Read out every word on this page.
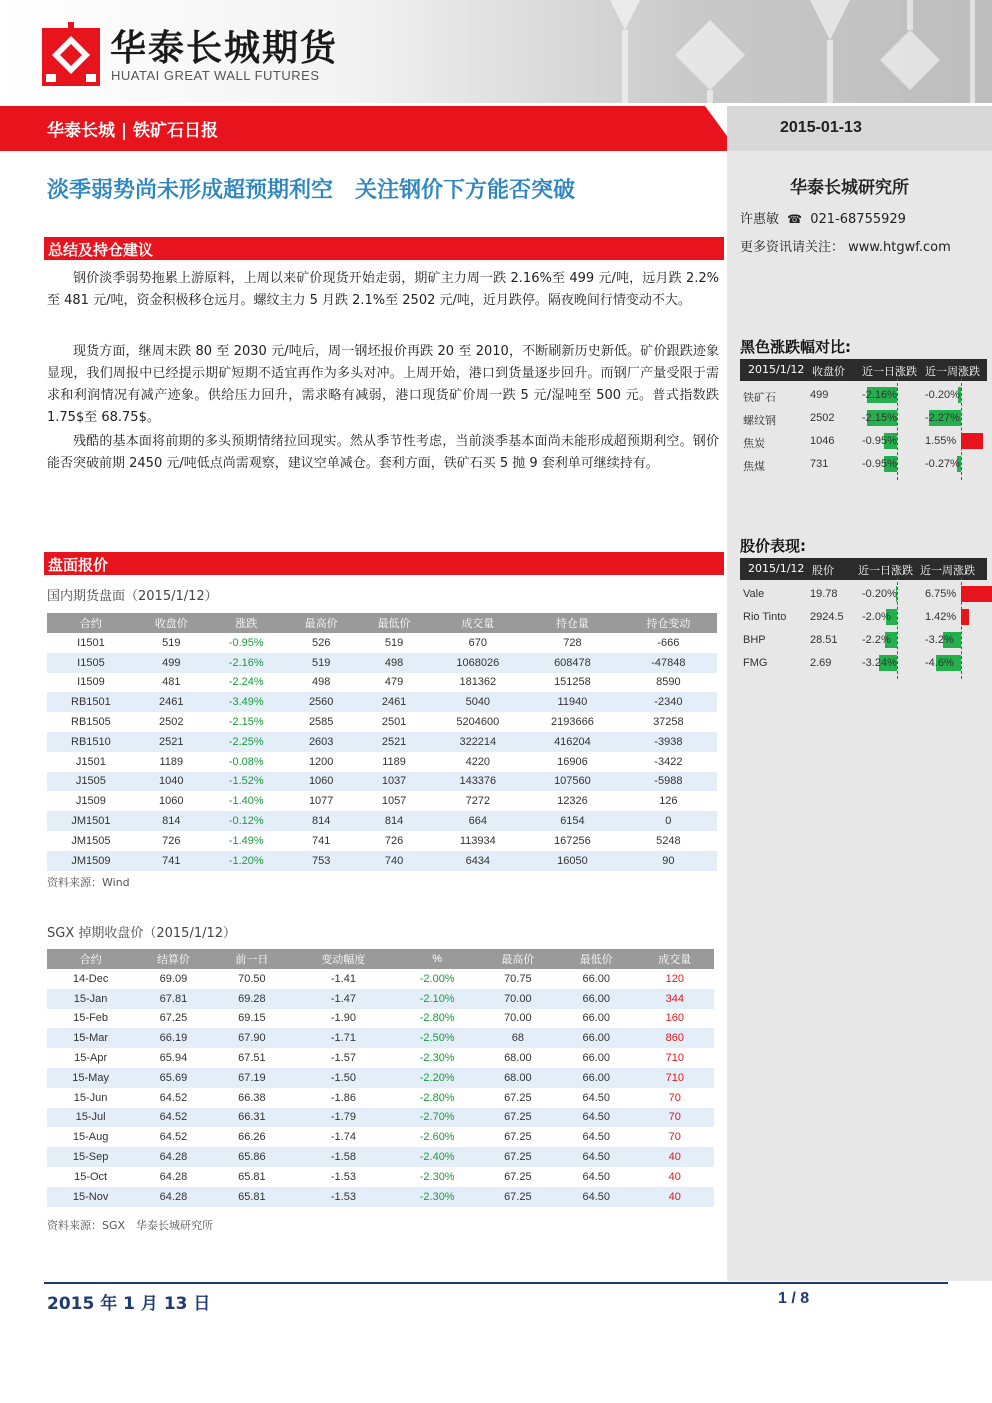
华泰长城期货
HUATAI GREAT WALL FUTURES
华泰长城 | 铁矿石日报	2015-01-13
华泰长城研究所
许惠敏 ☎ 021-68755929
更多资讯请关注： www.htgwf.com
黑色涨跌幅对比:
2015/1/12 收盘价 近一日涨跌 近一周涨跌
铁矿石	499	-2.16%	-0.20%
螺纹钢	2502	-2.15%	-2.27%
焦炭	1046	-0.95%	1.55%
焦煤	731	-0.95%	-0.27%
股价表现:
2015/1/12 股价 近一日涨跌 近一周涨跌
Vale	19.78 -0.20%	6.75%
Rio Tinto 2924.5 -2.0%	1.42%
BHP	28.51 -2.2%	-3.2%
FMG	2.69	-3.24%	-4.6%
淡季弱势尚未形成超预期利空　关注钢价下方能否突破
总结及持仓建议

钢价淡季弱势拖累上游原料，上周以来矿价现货开始走弱，期矿主力周一跌 2.16%至 499 元/吨，远月跌 2.2%至 481 元/吨，资金积极移仓远月。螺纹主力 5 月跌 2.1%至 2502 元/吨，近月跌停。隔夜晚间行情变动不大。

现货方面，继周末跌 80 至 2030 元/吨后，周一钢坯报价再跌 20 至 2010，不断刷新历史新低。矿价跟跌迹象显现，我们周报中已经提示期矿短期不适宜再作为多头对冲。上周开始，港口到货量逐步回升。而钢厂产量受限于需求和利润情况有减产迹象。供给压力回升，需求略有减弱，港口现货矿价周一跌 5 元/湿吨至 500 元。普式指数跌 1.75$至 68.75$。

残酷的基本面将前期的多头预期情绪拉回现实。然从季节性考虑，当前淡季基本面尚未能形成超预期利空。钢价能否突破前期 2450 元/吨低点尚需观察，建议空单减仓。套利方面，铁矿石买 5 抛 9 套利单可继续持有。

盘面报价
国内期货盘面（2015/1/12）
合约	收盘价	涨跌	最高价	最低价	成交量	持仓量	持仓变动
I1501	519	-0.95%	526	519	670	728	-666
I1505	499	-2.16%	519	498	1068026	608478	-47848
I1509	481	-2.24%	498	479	181362	151258	8590
RB1501	2461	-3.49%	2560	2461	5040	11940	-2340
RB1505	2502	-2.15%	2585	2501	5204600	2193666	37258
RB1510	2521	-2.25%	2603	2521	322214	416204	-3938
J1501	1189	-0.08%	1200	1189	4220	16906	-3422
J1505	1040	-1.52%	1060	1037	143376	107560	-5988
J1509	1060	-1.40%	1077	1057	7272	12326	126
JM1501	814	-0.12%	814	814	664	6154	0
JM1505	726	-1.49%	741	726	113934	167256	5248
JM1509	741	-1.20%	753	740	6434	16050	90
资料来源：Wind
SGX 掉期收盘价（2015/1/12）
合约	结算价	前一日	变动幅度	%	最高价	最低价	成交量
14-Dec	69.09	70.50	-1.41	-2.00%	70.75	66.00	120
15-Jan	67.81	69.28	-1.47	-2.10%	70.00	66.00	344
15-Feb	67.25	69.15	-1.90	-2.80%	70.00	66.00	160
15-Mar	66.19	67.90	-1.71	-2.50%	68	66.00	860
15-Apr	65.94	67.51	-1.57	-2.30%	68.00	66.00	710
15-May	65.69	67.19	-1.50	-2.20%	68.00	66.00	710
15-Jun	64.52	66.38	-1.86	-2.80%	67.25	64.50	70
15-Jul	64.52	66.31	-1.79	-2.70%	67.25	64.50	70
15-Aug	64.52	66.26	-1.74	-2.60%	67.25	64.50	70
15-Sep	64.28	65.86	-1.58	-2.40%	67.25	64.50	40
15-Oct	64.28	65.81	-1.53	-2.30%	67.25	64.50	40
15-Nov	64.28	65.81	-1.53	-2.30%	67.25	64.50	40
资料来源：SGX　华泰长城研究所
2015 年 1 月 13 日	1 / 8
